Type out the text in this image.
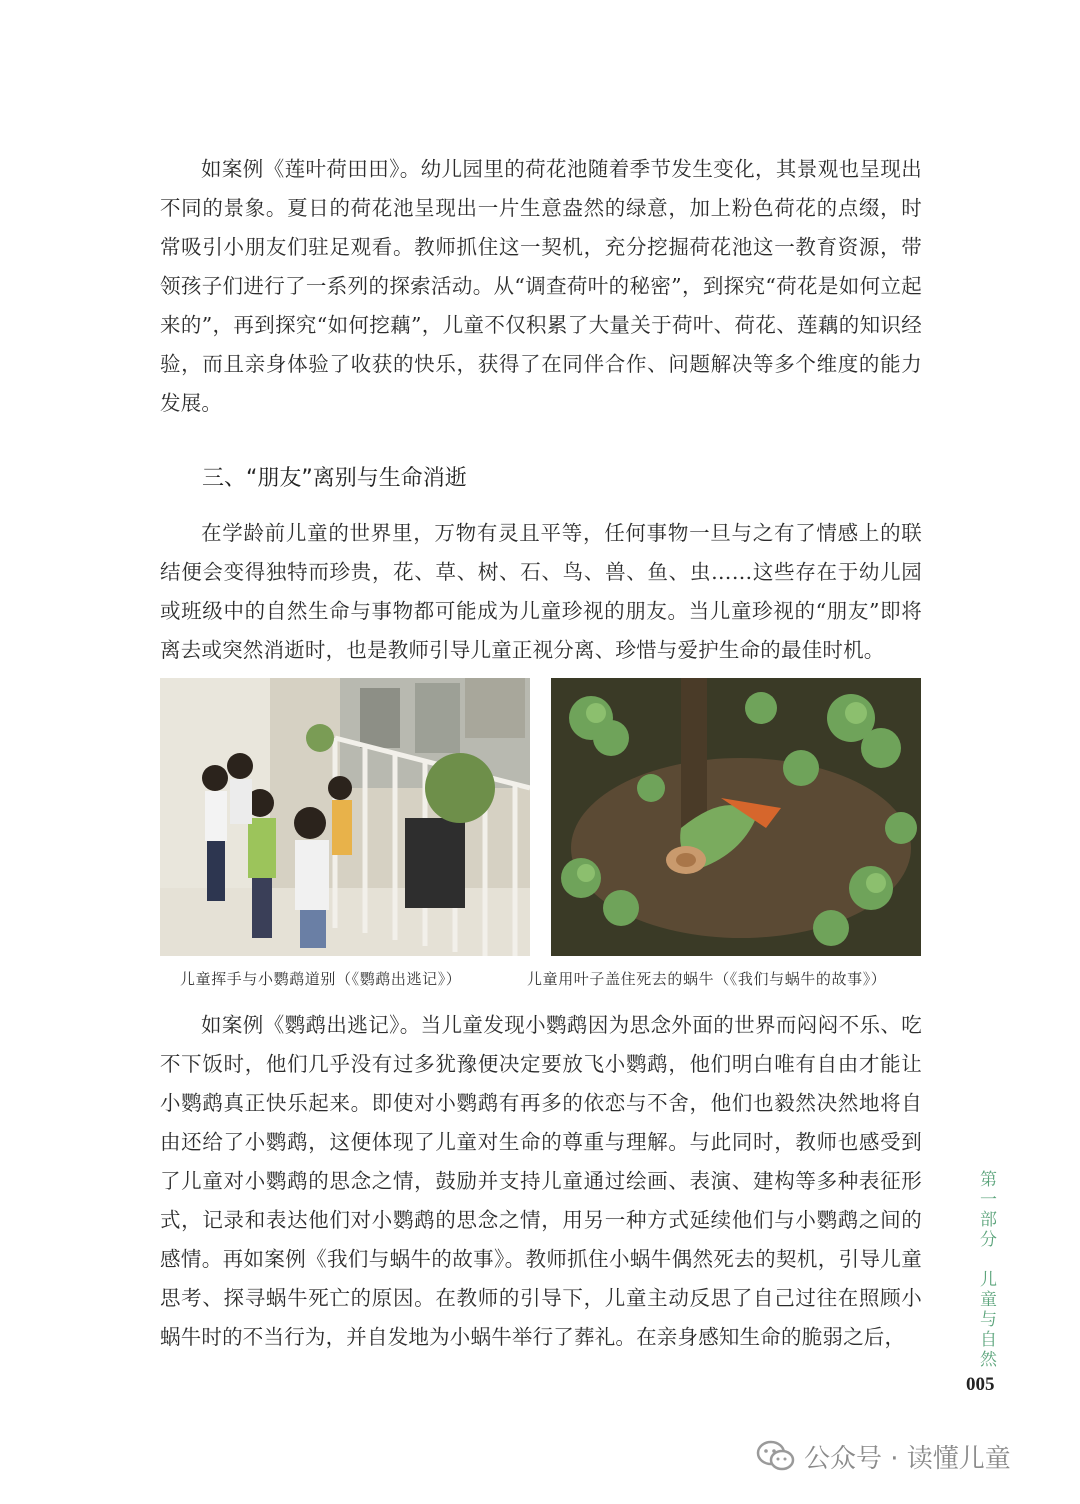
如案例《莲叶荷田田》。幼儿园里的荷花池随着季节发生变化，其景观也呈现出不同的景象。夏日的荷花池呈现出一片生意盎然的绿意，加上粉色荷花的点缀，时常吸引小朋友们驻足观看。教师抓住这一契机，充分挖掘荷花池这一教育资源，带领孩子们进行了一系列的探索活动。从“调查荷叶的秘密”，到探究“荷花是如何立起来的”，再到探究“如何挖藕”，儿童不仅积累了大量关于荷叶、荷花、莲藕的知识经验，而且亲身体验了收获的快乐，获得了在同伴合作、问题解决等多个维度的能力发展。

三、“朋友”离别与生命消逝

在学龄前儿童的世界里，万物有灵且平等，任何事物一旦与之有了情感上的联结便会变得独特而珍贵，花、草、树、石、鸟、兽、鱼、虫……这些存在于幼儿园或班级中的自然生命与事物都可能成为儿童珍视的朋友。当儿童珍视的“朋友”即将离去或突然消逝时，也是教师引导儿童正视分离、珍惜与爱护生命的最佳时机。

儿童挥手与小鹦鹉道别（《鹦鹉出逃记》）	儿童用叶子盖住死去的蜗牛（《我们与蜗牛的故事》）

如案例《鹦鹉出逃记》。当儿童发现小鹦鹉因为思念外面的世界而闷闷不乐、吃不下饭时，他们几乎没有过多犹豫便决定要放飞小鹦鹉，他们明白唯有自由才能让小鹦鹉真正快乐起来。即使对小鹦鹉有再多的依恋与不舍，他们也毅然决然地将自由还给了小鹦鹉，这便体现了儿童对生命的尊重与理解。与此同时，教师也感受到了儿童对小鹦鹉的思念之情，鼓励并支持儿童通过绘画、表演、建构等多种表征形式，记录和表达他们对小鹦鹉的思念之情，用另一种方式延续他们与小鹦鹉之间的感情。再如案例《我们与蜗牛的故事》。教师抓住小蜗牛偶然死去的契机，引导儿童思考、探寻蜗牛死亡的原因。在教师的引导下，儿童主动反思了自己过往在照顾小蜗牛时的不当行为，并自发地为小蜗牛举行了葬礼。在亲身感知生命的脆弱之后，	第一部分　儿童与自然
005
公众号 · 读懂儿童
